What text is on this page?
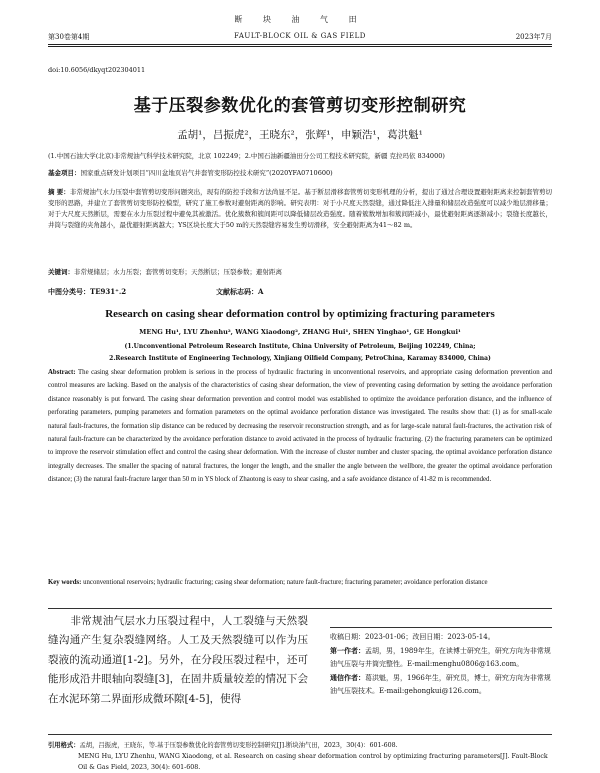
断 块 油 气 田
第30卷第4期	FAULT-BLOCK OIL & GAS FIELD	2023年7月
doi:10.6056/dkyqt202304011
基于压裂参数优化的套管剪切变形控制研究
孟胡¹，吕振虎²，王晓东²，张辉¹，申颖浩¹，葛洪魁¹
(1.中国石油大学(北京)非常规油气科学技术研究院，北京 102249；2.中国石油新疆油田分公司工程技术研究院，新疆 克拉玛依 834000)
基金项目：国家重点研发计划项目“四川盆地页岩气井套管变形防控技术研究”(2020YFA0710600)
摘 要：非常规油气水力压裂中套管剪切变形问题突出，现有的防控手段和方法尚显不足。基于断层滑移套管剪切变形机理的分析，提出了通过合理设置避射距离来控制套管剪切变形的思路，并建立了套管剪切变形防控模型，研究了施工参数对避射距离的影响。研究表明：对于小尺度天然裂缝，通过降低注入排量和储层改造强度可以减少地层滑移量；对于大尺度天然断层，需要在水力压裂过程中避免其被激活。优化簇数和簇间距可以降低储层改造强度。随着簇数增加和簇间距减小，最优避射距离逐渐减小；裂缝长度越长，井筒与裂缝的夹角越小，最优避射距离越大；YS区块长度大于50 m的天然裂缝容易发生剪切滑移，安全避射距离为41～82 m。
关键词：非常规储层；水力压裂；套管剪切变形；天然断层；压裂参数；避射距离
中图分类号：TE931⁺.2	文献标志码：A
Research on casing shear deformation control by optimizing fracturing parameters
MENG Hu¹, LYU Zhenhu², WANG Xiaodong², ZHANG Hui¹, SHEN Yinghao¹, GE Hongkui¹
(1.Unconventional Petroleum Research Institute, China University of Petroleum, Beijing 102249, China;
2.Research Institute of Engineering Technology, Xinjiang Oilfield Company, PetroChina, Karamay 834000, China)
Abstract: The casing shear deformation problem is serious in the process of hydraulic fracturing in unconventional reservoirs, and appropriate casing deformation prevention and control measures are lacking. Based on the analysis of the characteristics of casing shear deformation, the view of preventing casing deformation by setting the avoidance perforation distance reasonably is put forward. The casing shear deformation prevention and control model was established to optimize the avoidance perforation distance, and the influence of perforating parameters, pumping parameters and formation parameters on the optimal avoidance perforation distance was investigated. The results show that: (1) as for small-scale natural fault-fractures, the formation slip distance can be reduced by decreasing the reservoir reconstruction strength, and as for large-scale natural fault-fractures, the activation risk of natural fault-fracture can be characterized by the avoidance perforation distance to avoid activated in the process of hydraulic fracturing. (2) the fracturing parameters can be optimized to improve the reservoir stimulation effect and control the casing shear deformation. With the increase of cluster number and cluster spacing, the optimal avoidance perforation distance integrally decreases. The smaller the spacing of natural fractures, the longer the length, and the smaller the angle between the wellbore, the greater the optimal avoidance perforation distance; (3) the natural fault-fracture larger than 50 m in YS block of Zhaotong is easy to shear casing, and a safe avoidance distance of 41-82 m is recommended.
Key words: unconventional reservoirs; hydraulic fracturing; casing shear deformation; nature fault-fracture; fracturing parameter; avoidance perforation distance
非常规油气层水力压裂过程中，人工裂缝与天然裂缝沟通产生复杂裂缝网络。人工及天然裂缝可以作为压裂液的流动通道[1-2]。另外，在分段压裂过程中，还可能形成沿井眼轴向裂缝[3]，在固井质量较差的情况下会在水泥环第二界面形成微环隙[4-5]，使得
收稿日期：2023-01-06；改回日期：2023-05-14。
第一作者：孟胡，男，1989年生，在读博士研究生，研究方向为非常规油气压裂与井筒完整性。E-mail:menghu0806@163.com。
通信作者：葛洪魁，男，1966年生，研究员，博士，研究方向为非常规油气压裂技术。E-mail:gehongkui@126.com。
引用格式：孟胡，吕振虎，王晓东，等.基于压裂参数优化的套管剪切变形控制研究[J].断块油气田，2023，30(4)：601-608.
MENG Hu, LYU Zhenhu, WANG Xiaodong, et al. Research on casing shear deformation control by optimizing fracturing parameters[J]. Fault-Block Oil & Gas Field, 2023, 30(4): 601-608.
